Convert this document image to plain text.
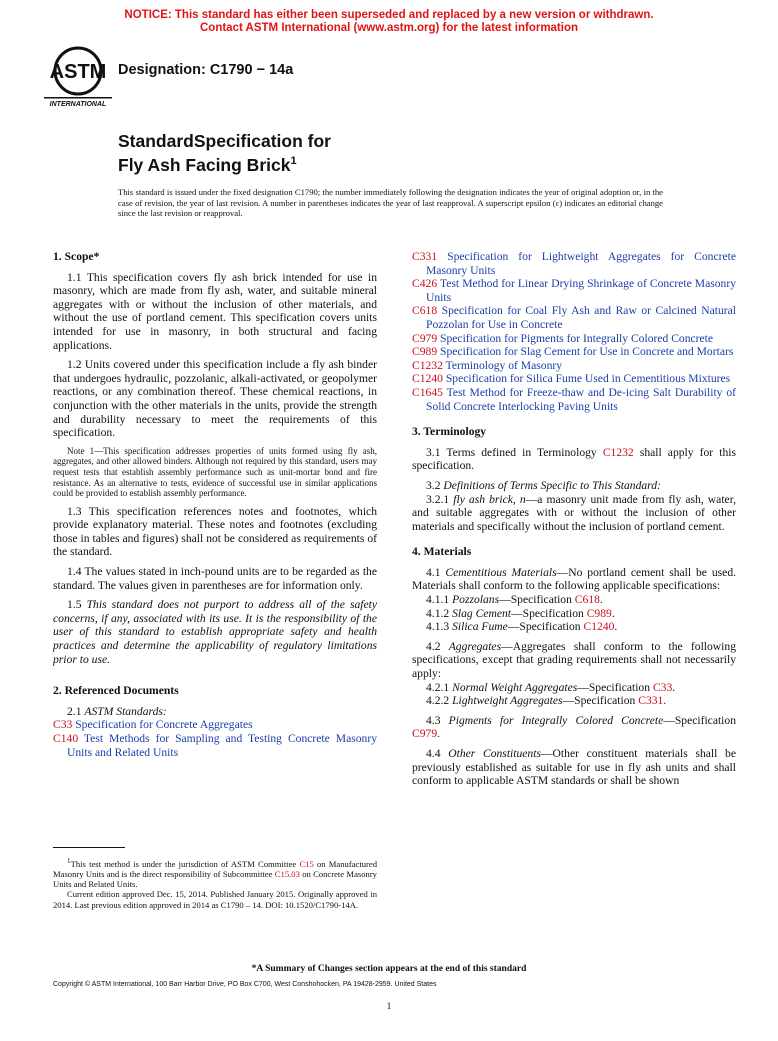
NOTICE: This standard has either been superseded and replaced by a new version or withdrawn.
Contact ASTM International (www.astm.org) for the latest information
ASTM
INTERNATIONAL
Designation: C1790 − 14a
StandardSpecification for
Fly Ash Facing Brick$^1$
This standard is issued under the fixed designation C1790; the number immediately following the designation indicates the year of original adoption or, in the case of revision, the year of last revision. A number in parentheses indicates the year of last reapproval. A superscript epsilon (ε) indicates an editorial change since the last revision or reapproval.
1. Scope*

1.1 This specification covers fly ash brick intended for use in masonry, which are made from fly ash, water, and suitable mineral aggregates with or without the inclusion of other materials, and without the use of portland cement. This specification covers units intended for use in masonry, in both structural and facing applications.

1.2 Units covered under this specification include a fly ash binder that undergoes hydraulic, pozzolanic, alkali-activated, or geopolymer reactions, or any combination thereof. These chemical reactions, in conjunction with the other materials in the units, provide the strength and durability necessary to meet the requirements of this specification.

Note 1—This specification addresses properties of units formed using fly ash, aggregates, and other allowed binders. Although not required by this standard, users may request tests that establish assembly performance such as unit-mortar bond and fire resistance. As an alternative to tests, evidence of successful use in similar applications could be provided to establish assembly performance.

1.3 This specification references notes and footnotes, which provide explanatory material. These notes and footnotes (excluding those in tables and figures) shall not be considered as requirements of the standard.

1.4 The values stated in inch-pound units are to be regarded as the standard. The values given in parentheses are for information only.

1.5 This standard does not purport to address all of the safety concerns, if any, associated with its use. It is the responsibility of the user of this standard to establish appropriate safety and health practices and determine the applicability of regulatory limitations prior to use.

2. Referenced Documents

2.1 ASTM Standards:

C33 Specification for Concrete Aggregates

C140 Test Methods for Sampling and Testing Concrete Masonry Units and Related Units

C331 Specification for Lightweight Aggregates for Concrete Masonry Units

C426 Test Method for Linear Drying Shrinkage of Concrete Masonry Units

C618 Specification for Coal Fly Ash and Raw or Calcined Natural Pozzolan for Use in Concrete

C979 Specification for Pigments for Integrally Colored Concrete

C989 Specification for Slag Cement for Use in Concrete and Mortars

C1232 Terminology of Masonry

C1240 Specification for Silica Fume Used in Cementitious Mixtures

C1645 Test Method for Freeze-thaw and De-icing Salt Durability of Solid Concrete Interlocking Paving Units

3. Terminology

3.1 Terms defined in Terminology C1232 shall apply for this specification.

3.2 Definitions of Terms Specific to This Standard:

3.2.1 fly ash brick, n—a masonry unit made from fly ash, water, and suitable aggregates with or without the inclusion of other materials and specifically without the inclusion of portland cement.

4. Materials

4.1 Cementitious Materials—No portland cement shall be used. Materials shall conform to the following applicable specifications:

4.1.1 Pozzolans—Specification C618.

4.1.2 Slag Cement—Specification C989.

4.1.3 Silica Fume—Specification C1240.

4.2 Aggregates—Aggregates shall conform to the following specifications, except that grading requirements shall not necessarily apply:

4.2.1 Normal Weight Aggregates—Specification C33.

4.2.2 Lightweight Aggregates—Specification C331.

4.3 Pigments for Integrally Colored Concrete—Specification C979.

4.4 Other Constituents—Other constituent materials shall be previously established as suitable for use in fly ash units and shall conform to applicable ASTM standards or shall be shown

$^1$This test method is under the jurisdiction of ASTM Committee C15 on Manufactured Masonry Units and is the direct responsibility of Subcommittee C15.03 on Concrete Masonry Units and Related Units.

Current edition approved Dec. 15, 2014. Published January 2015. Originally approved in 2014. Last previous edition approved in 2014 as C1790 – 14. DOI: 10.1520/C1790-14A.

*A Summary of Changes section appears at the end of this standard
Copyright © ASTM International, 100 Barr Harbor Drive, PO Box C700, West Conshohocken, PA 19428-2959. United States
1
